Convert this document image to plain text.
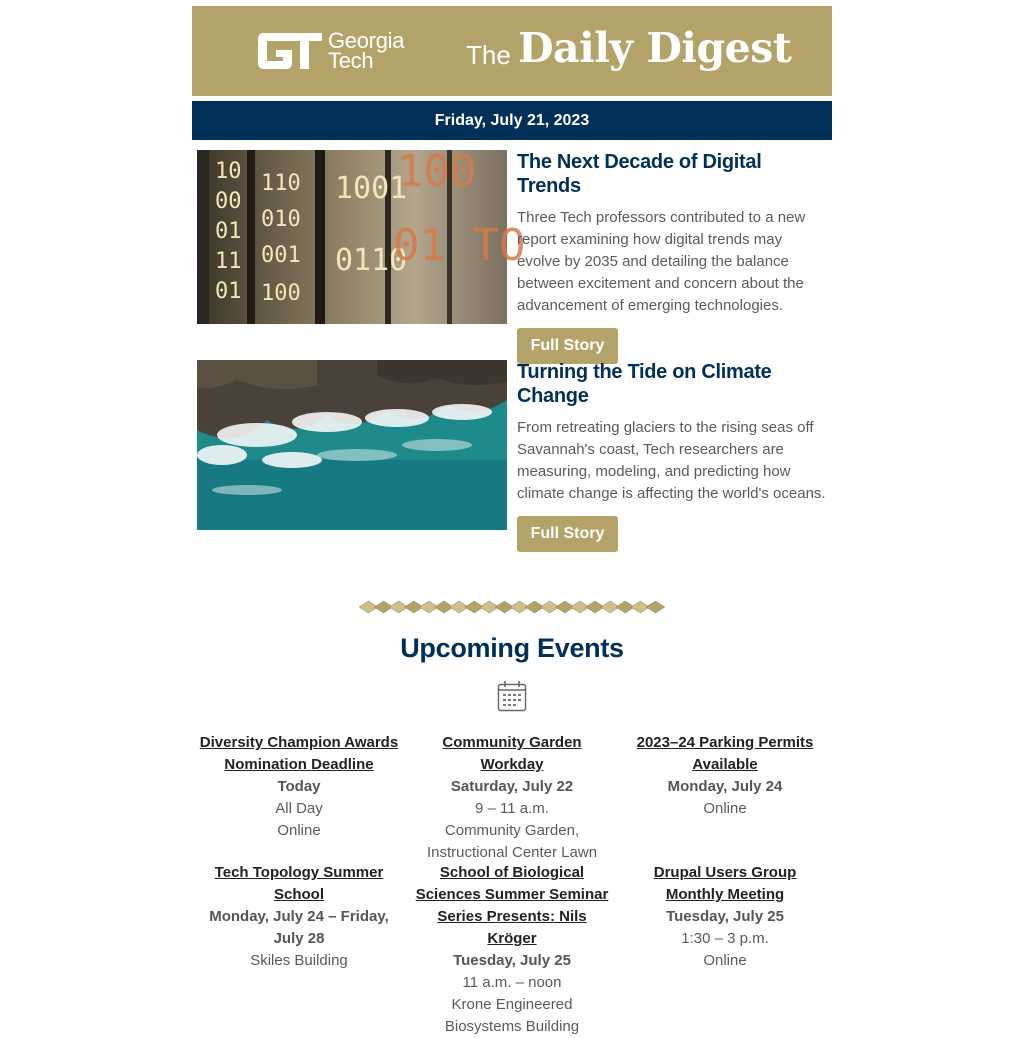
Georgia
Tech	The Daily Digest
Friday, July 21, 2023
10
00
01
11
01
110
010
001
100
1001
0110
100
01 TO
The Next Decade of Digital Trends
Three Tech professors contributed to a new report examining how digital trends may evolve by 2035 and detailing the balance between excitement and concern about the advancement of emerging technologies.
Full Story
Turning the Tide on Climate Change
From retreating glaciers to the rising seas off Savannah's coast, Tech researchers are measuring, modeling, and predicting how climate change is affecting the world's oceans.
Full Story
Upcoming Events
Diversity Champion Awards Nomination Deadline
Today
All Day
Online
Community Garden Workday
Saturday, July 22
9 – 11 a.m.
Community Garden, Instructional Center Lawn
2023–24 Parking Permits Available
Monday, July 24
Online
Tech Topology Summer School
Monday, July 24 – Friday, July 28
Skiles Building
School of Biological Sciences Summer Seminar Series Presents: Nils Kröger
Tuesday, July 25
11 a.m. – noon
Krone Engineered Biosystems Building
Drupal Users Group Monthly Meeting
Tuesday, July 25
1:30 – 3 p.m.
Online
